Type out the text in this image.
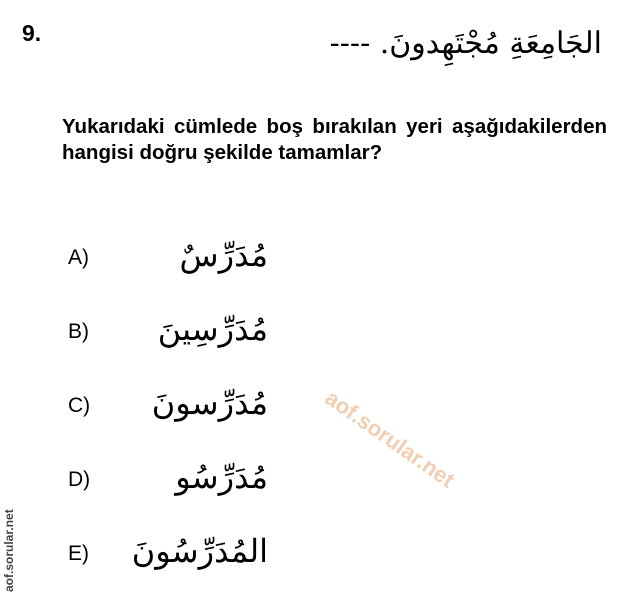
9.	الجَامِعَةِ مُجْتَهِدونَ. ----
Yukarıdaki cümlede boş bırakılan yeri aşağıdakilerden hangisi doğru şekilde tamamlar?
A)	مُدَرِّسٌ
B)	مُدَرِّسِينَ
C)	مُدَرِّسونَ
D)	مُدَرِّسُو
E)	المُدَرِّسُونَ
aof.sorular.net
aof.sorular.net
